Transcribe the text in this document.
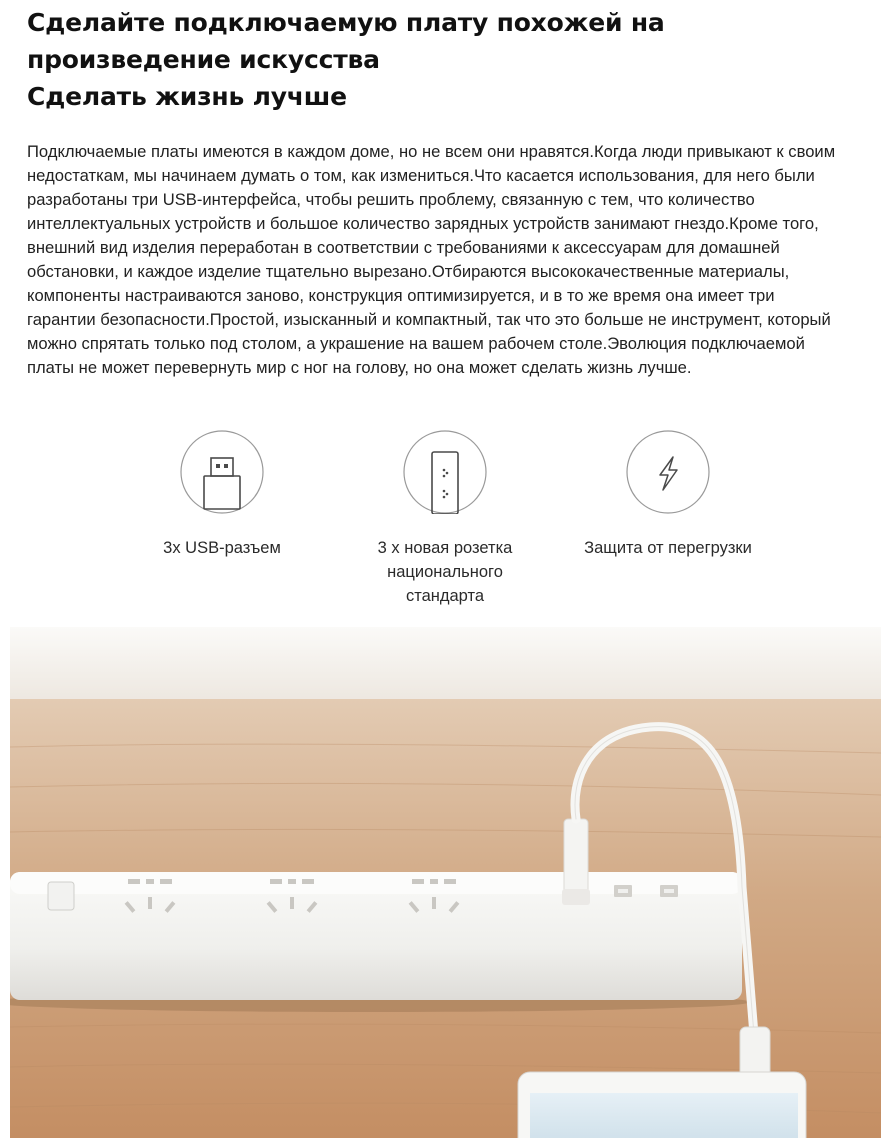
Сделайте подключаемую плату похожей на
произведение искусства
Сделать жизнь лучше

Подключаемые платы имеются в каждом доме, но не всем они нравятся.Когда люди привыкают к своим недостаткам, мы начинаем думать о том, как измениться.Что касается использования, для него были разработаны три USB-интерфейса, чтобы решить проблему, связанную с тем, что количество интеллектуальных устройств и большое количество зарядных устройств занимают гнездо.Кроме того, внешний вид изделия переработан в соответствии с требованиями к аксессуарам для домашней обстановки, и каждое изделие тщательно вырезано.Отбираются высококачественные материалы, компоненты настраиваются заново, конструкция оптимизируется, и в то же время она имеет три гарантии безопасности.Простой, изысканный и компактный, так что это больше не инструмент, который можно спрятать только под столом, а украшение на вашем рабочем столе.Эволюция подключаемой платы не может перевернуть мир с ног на голову, но она может сделать жизнь лучше.

3x USB-разъем	3 x новая розетка национального стандарта
Защита от перегрузки
